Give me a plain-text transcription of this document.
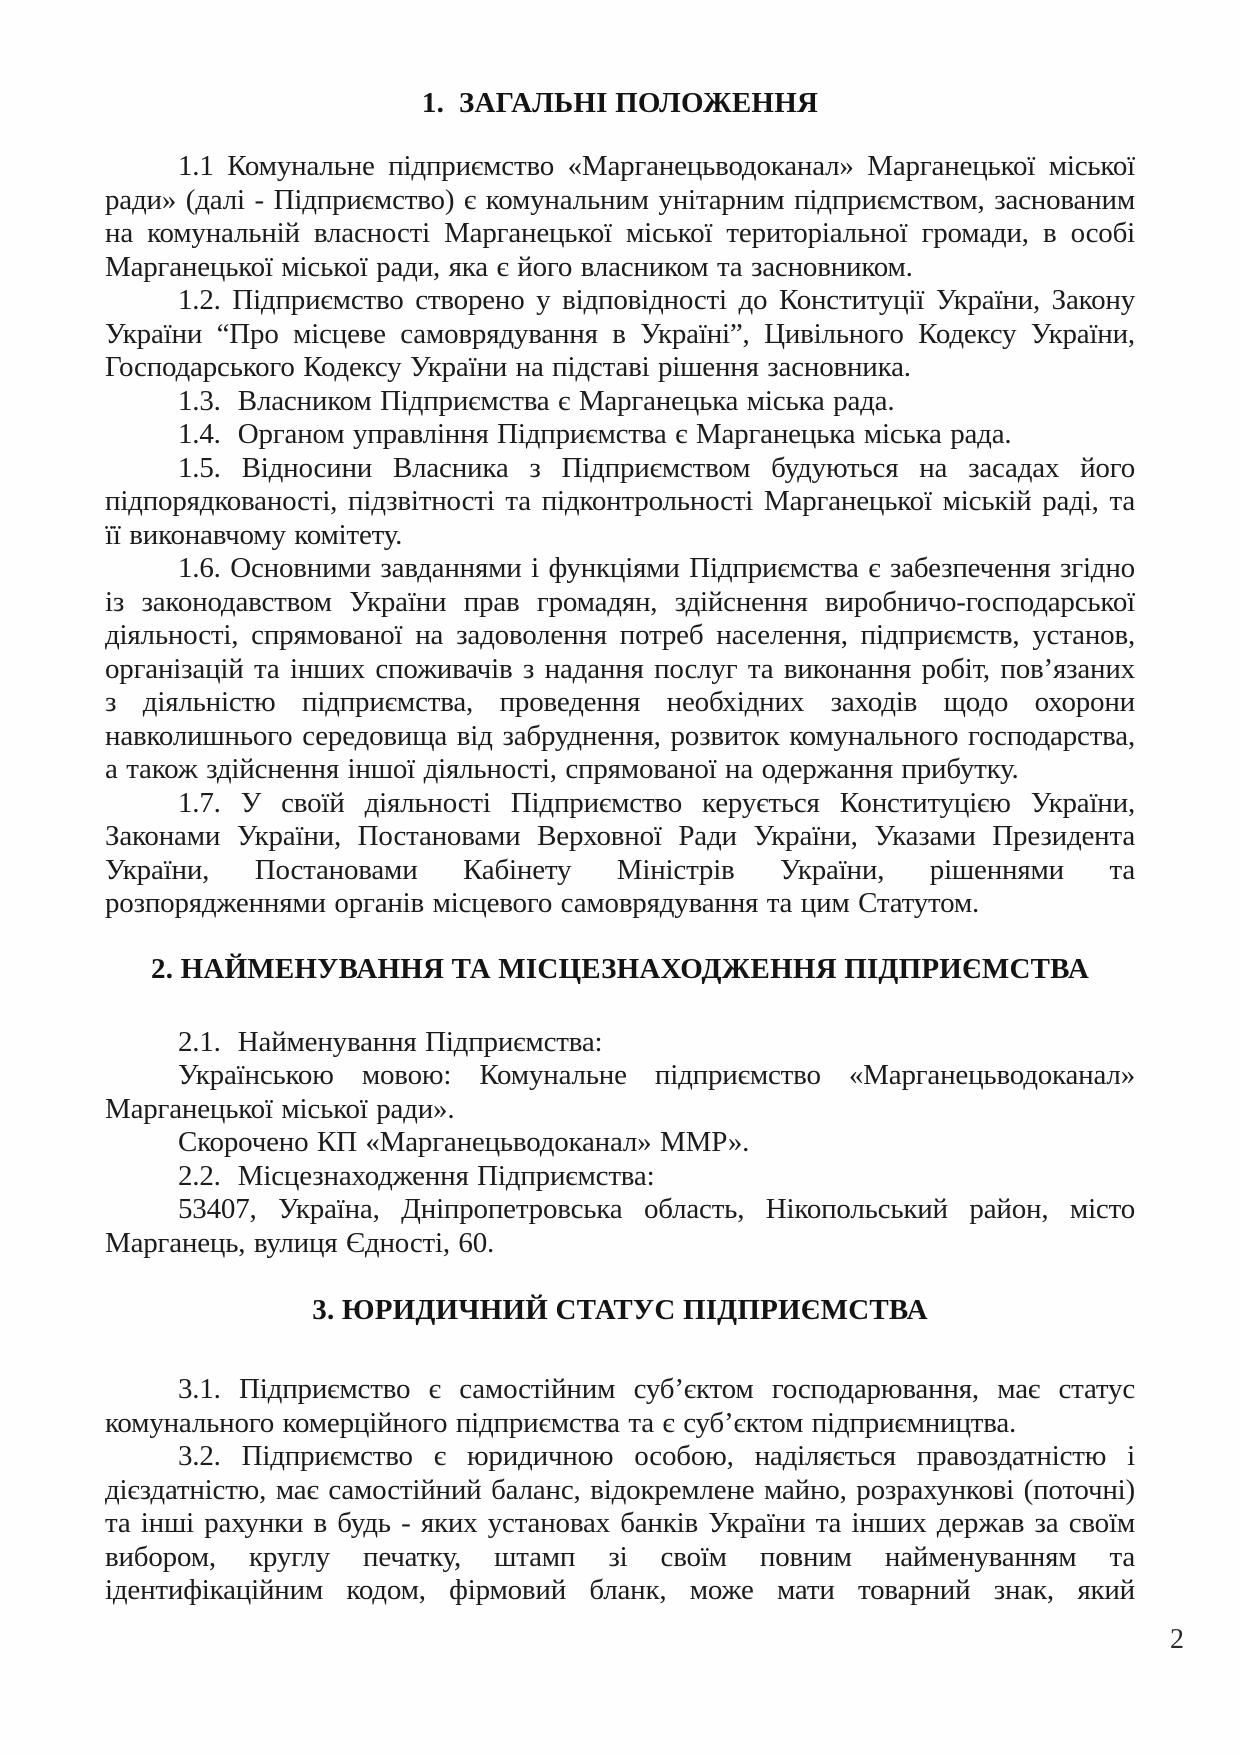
1.  ЗАГАЛЬНІ ПОЛОЖЕННЯ

1.1 Комунальне підприємство «Марганецьводоканал» Марганецької міської ради» (далі - Підприємство) є комунальним унітарним підприємством, заснованим на комунальній власності Марганецької міської територіальної громади, в особі Марганецької міської ради, яка є його власником та засновником.

1.2. Підприємство створено у відповідності до Конституції України, Закону України “Про місцеве самоврядування в Україні”, Цивільного Кодексу України, Господарського Кодексу України на підставі рішення засновника.

1.3.  Власником Підприємства є Марганецька міська рада.

1.4.  Органом управління Підприємства є Марганецька міська рада.

1.5. Відносини Власника з Підприємством будуються на засадах його підпорядкованості, підзвітності та підконтрольності Марганецької міській раді, та її виконавчому комітету.

1.6. Основними завданнями і функціями Підприємства є забезпечення згідно із законодавством України прав громадян, здійснення виробничо-господарської діяльності, спрямованої на задоволення потреб населення, підприємств, установ, організацій та інших споживачів з надання послуг та виконання робіт, пов’язаних з діяльністю підприємства, проведення необхідних заходів щодо охорони навколишнього середовища від забруднення, розвиток комунального господарства, а також здійснення іншої діяльності, спрямованої на одержання прибутку.

1.7. У своїй діяльності Підприємство керується Конституцією України, Законами України, Постановами Верховної Ради України, Указами Президента України, Постановами Кабінету Міністрів України, рішеннями та розпорядженнями органів місцевого самоврядування та цим Статутом.

2. НАЙМЕНУВАННЯ ТА МІСЦЕЗНАХОДЖЕННЯ ПІДПРИЄМСТВА

2.1.  Найменування Підприємства:

Українською мовою: Комунальне підприємство «Марганецьводоканал» Марганецької міської ради».

Скорочено КП «Марганецьводоканал» ММР».

2.2.  Місцезнаходження Підприємства:

53407, Україна, Дніпропетровська область, Нікопольський район, місто Марганець, вулиця Єдності, 60.

3. ЮРИДИЧНИЙ СТАТУС ПІДПРИЄМСТВА

3.1. Підприємство є самостійним суб’єктом господарювання, має статус комунального комерційного підприємства та є суб’єктом підприємництва.

3.2. Підприємство є юридичною особою, наділяється правоздатністю і дієздатністю, має самостійний баланс, відокремлене майно, розрахункові (поточні) та інші рахунки в будь - яких установах банків України та інших держав за своїм вибором, круглу печатку, штамп зі своїм повним найменуванням та ідентифікаційним кодом, фірмовий бланк, може мати товарний знак, який

2
